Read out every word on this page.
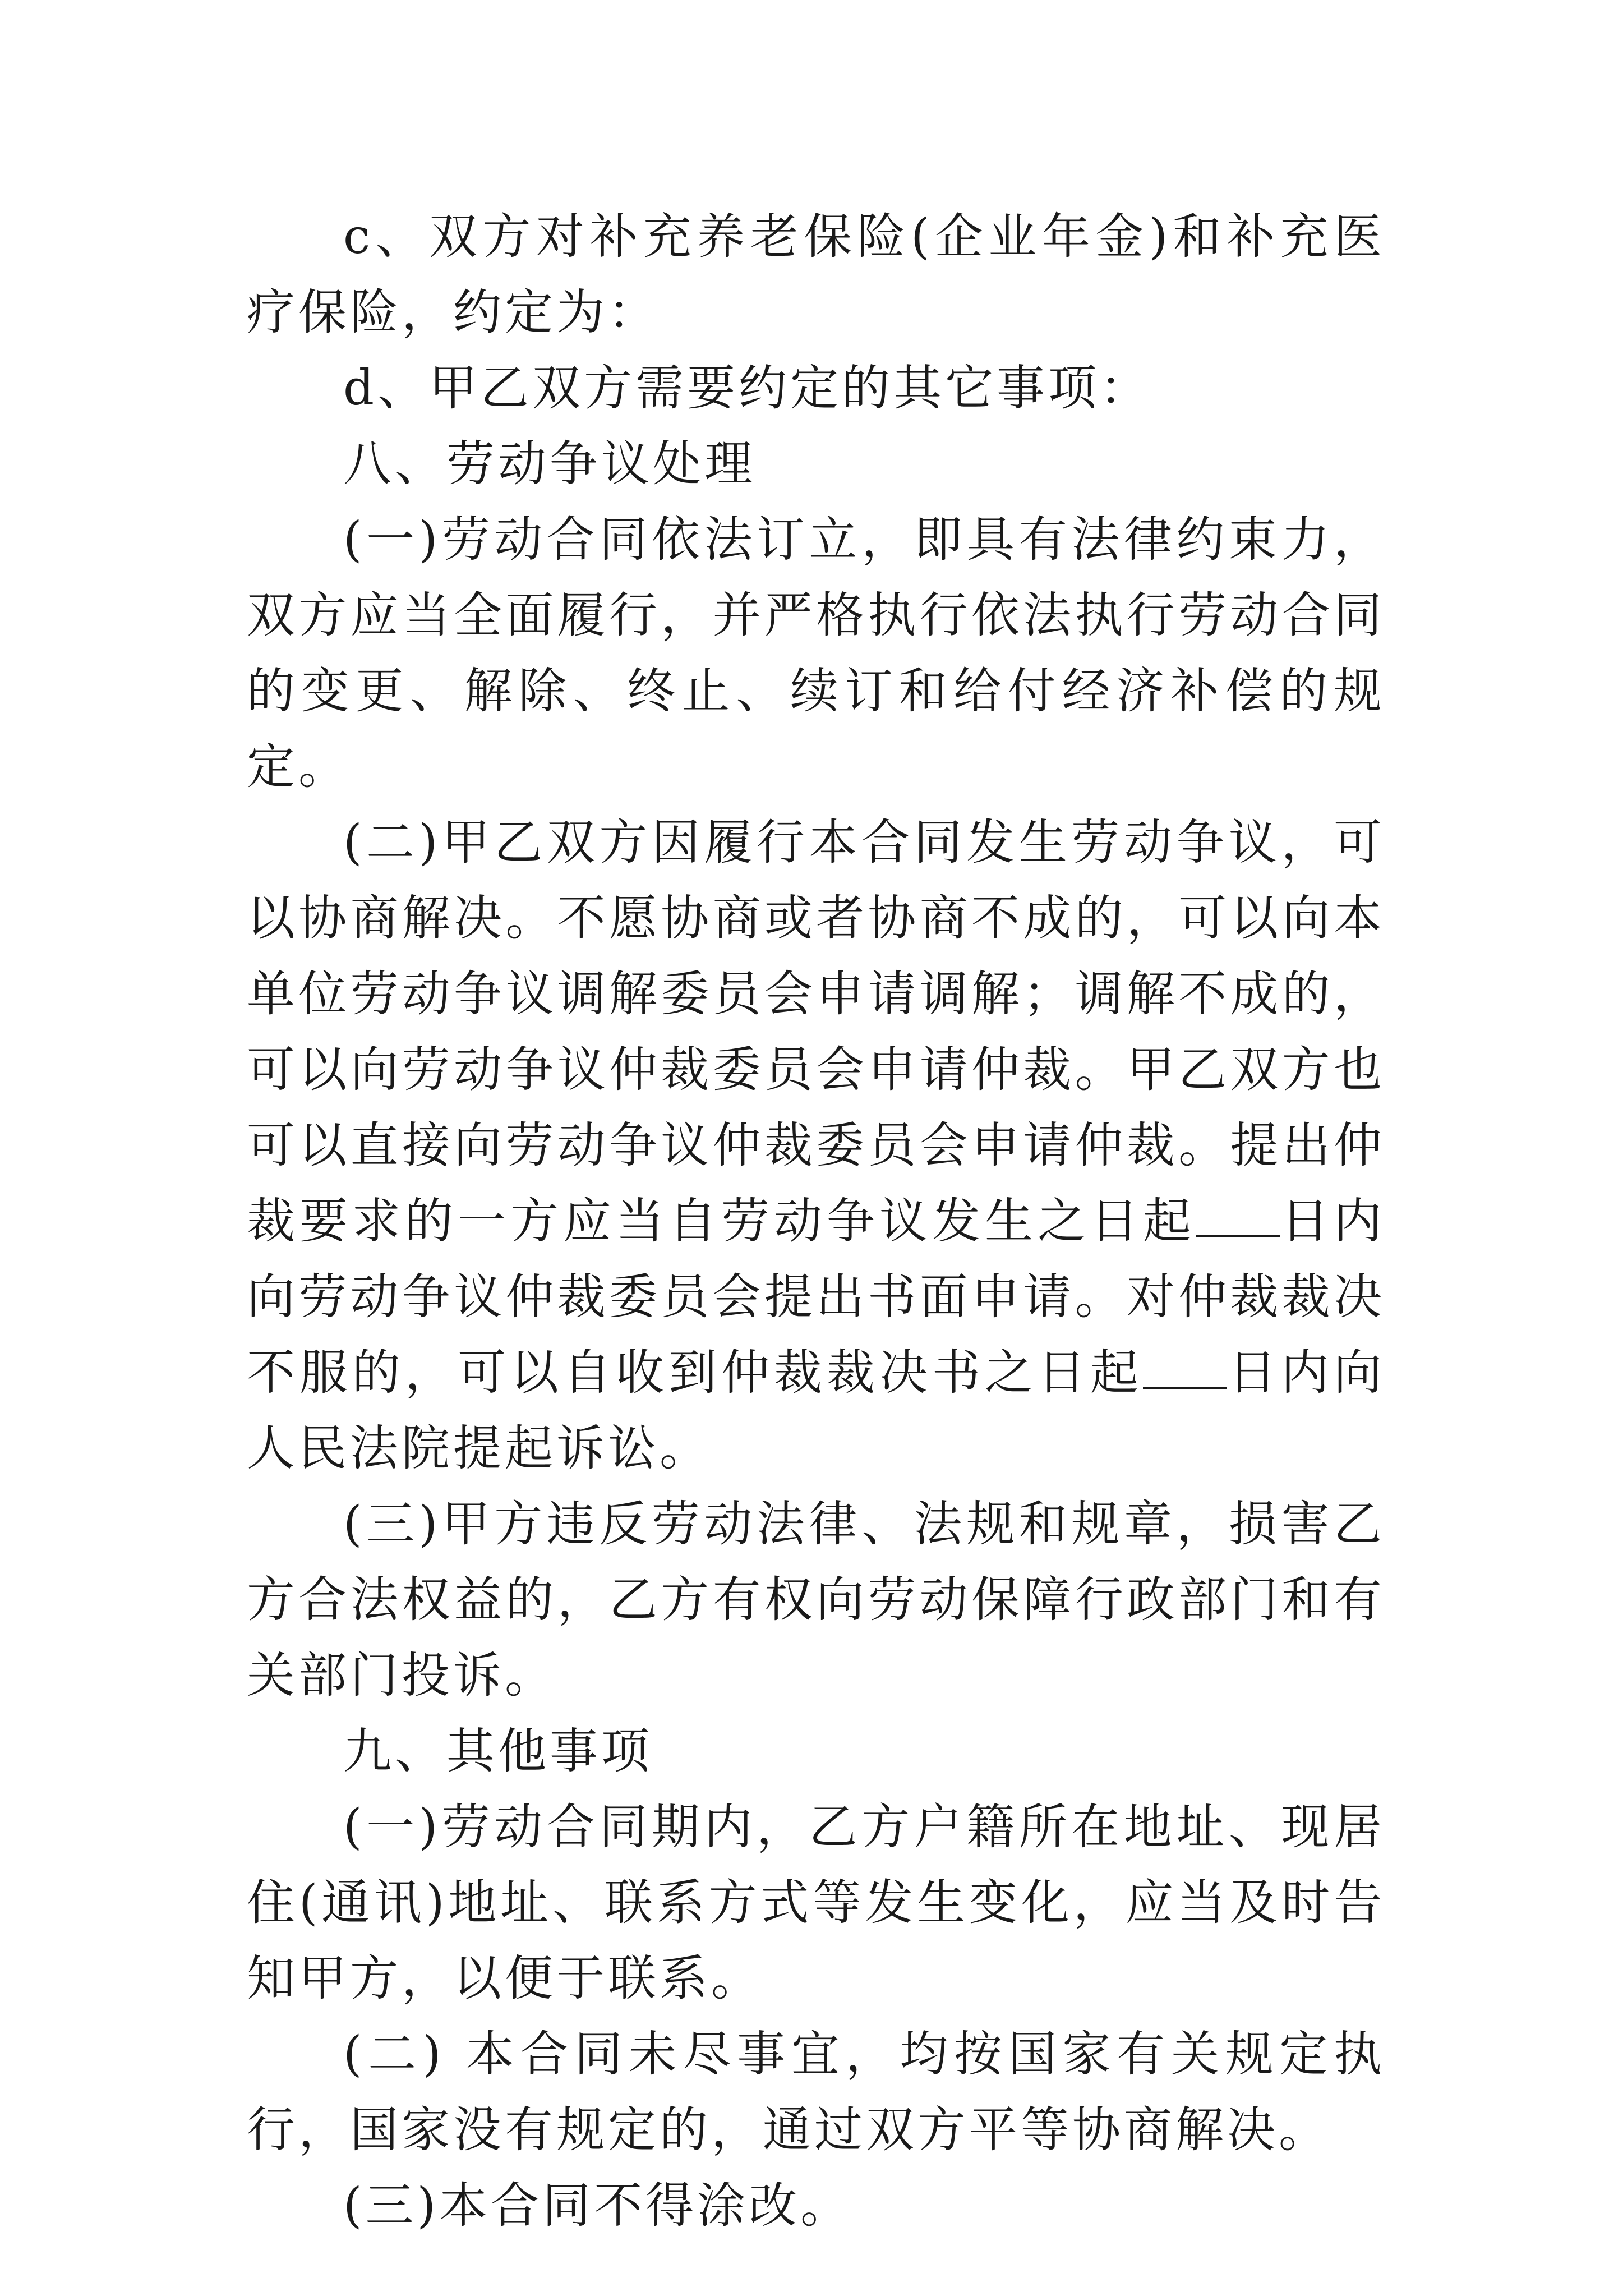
c、双方对补充养老保险(企业年金)和补充医疗保险，约定为：

d、甲乙双方需要约定的其它事项：

八、劳动争议处理

(一)劳动合同依法订立，即具有法律约束力，双方应当全面履行，并严格执行依法执行劳动合同的变更、解除、终止、续订和给付经济补偿的规定。

(二)甲乙双方因履行本合同发生劳动争议，可以协商解决。不愿协商或者协商不成的，可以向本单位劳动争议调解委员会申请调解；调解不成的，可以向劳动争议仲裁委员会申请仲裁。甲乙双方也可以直接向劳动争议仲裁委员会申请仲裁。提出仲裁要求的一方应当自劳动争议发生之日起 日内向劳动争议仲裁委员会提出书面申请。对仲裁裁决不服的，可以自收到仲裁裁决书之日起 日内向人民法院提起诉讼。

(三)甲方违反劳动法律、法规和规章，损害乙方合法权益的，乙方有权向劳动保障行政部门和有关部门投诉。

九、其他事项

(一)劳动合同期内，乙方户籍所在地址、现居住(通讯)地址、联系方式等发生变化，应当及时告知甲方，以便于联系。

(二) 本合同未尽事宜，均按国家有关规定执行，国家没有规定的，通过双方平等协商解决。

(三)本合同不得涂改。
